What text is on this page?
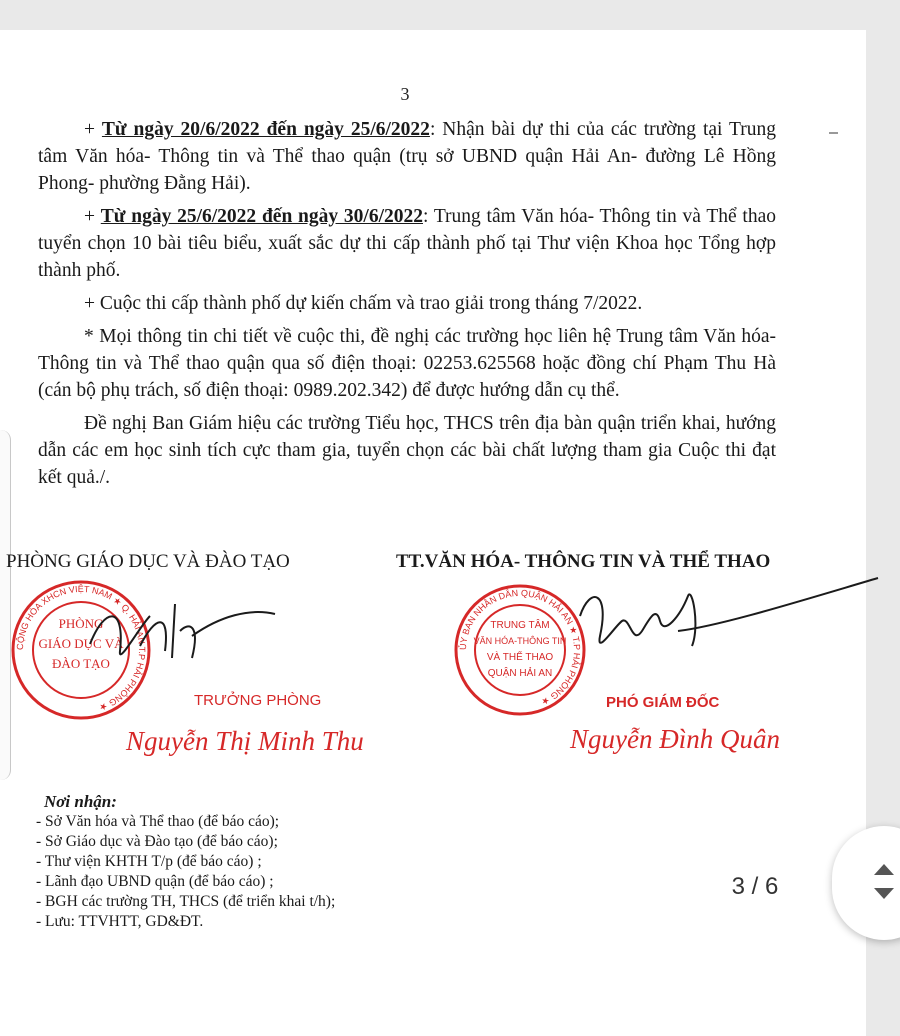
3

+ Từ ngày 20/6/2022 đến ngày 25/6/2022: Nhận bài dự thi của các trường tại Trung tâm Văn hóa- Thông tin và Thể thao quận (trụ sở UBND quận Hải An- đường Lê Hồng Phong- phường Đằng Hải).

+ Từ ngày 25/6/2022 đến ngày 30/6/2022: Trung tâm Văn hóa- Thông tin và Thể thao tuyển chọn 10 bài tiêu biểu, xuất sắc dự thi cấp thành phố tại Thư viện Khoa học Tổng hợp thành phố.

+ Cuộc thi cấp thành phố dự kiến chấm và trao giải trong tháng 7/2022.

* Mọi thông tin chi tiết về cuộc thi, đề nghị các trường học liên hệ Trung tâm Văn hóa- Thông tin và Thể thao quận qua số điện thoại: 02253.625568 hoặc đồng chí Phạm Thu Hà (cán bộ phụ trách, số điện thoại: 0989.202.342) để được hướng dẫn cụ thể.

Đề nghị Ban Giám hiệu các trường Tiểu học, THCS trên địa bàn quận triển khai, hướng dẫn các em học sinh tích cực tham gia, tuyển chọn các bài chất lượng tham gia Cuộc thi đạt kết quả./.

PHÒNG GIÁO DỤC VÀ ĐÀO TẠO	TT.VĂN HÓA- THÔNG TIN VÀ THỂ THAO
PHÒNG
GIÁO DỤC VÀ
ĐÀO TẠO
CỘNG HÒA XHCN VIỆT NAM ★ Q. HẢI AN T.P HẢI PHÒNG ★	TRƯỞNG PHÒNG
Nguyễn Thị Minh Thu
TRUNG TÂM
VĂN HÓA-THÔNG TIN
VÀ THỂ THAO
QUẬN HẢI AN
ỦY BAN NHÂN DÂN QUẬN HẢI AN ★ T.P HẢI PHÒNG ★	PHÓ GIÁM ĐỐC
Nguyễn Đình Quân
Nơi nhận:
- Sở Văn hóa và Thể thao (để báo cáo);
- Sở Giáo dục và Đào tạo (để báo cáo);
- Thư viện KHTH T/p (để báo cáo) ;
- Lãnh đạo UBND quận (để báo cáo) ;
- BGH các trường TH, THCS (để triển khai t/h);
- Lưu: TTVHTT, GD&ĐT.
3 / 6
